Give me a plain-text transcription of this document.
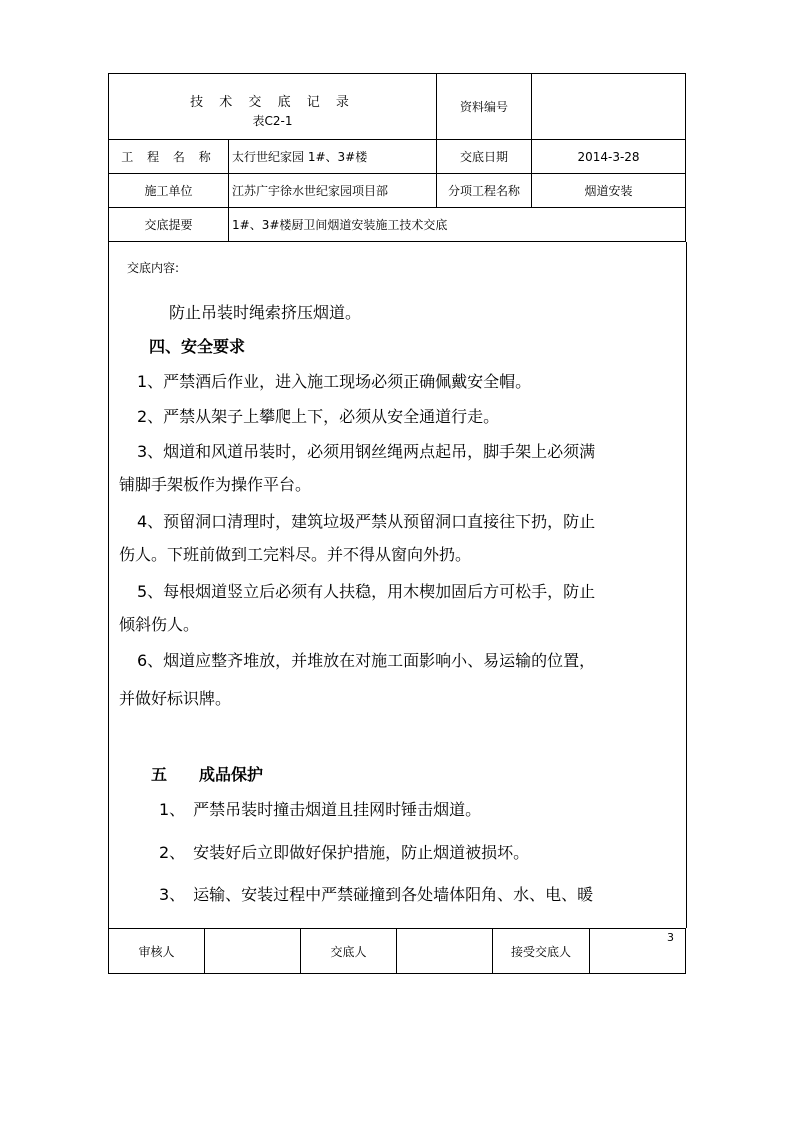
技 术 交 底 记 录
表C2-1		资料编号	
工 程 名 称	太行世纪家园 1#、3#楼	交底日期	2014-3-28
施工单位	江苏广宇徐水世纪家园项目部	分项工程名称	烟道安装
交底提要	1#、3#楼厨卫间烟道安装施工技术交底		
交底内容:
防止吊装时绳索挤压烟道。
四、安全要求
1、严禁酒后作业，进入施工现场必须正确佩戴安全帽。
2、严禁从架子上攀爬上下，必须从安全通道行走。
3、烟道和风道吊装时，必须用钢丝绳两点起吊，脚手架上必须满
铺脚手架板作为操作平台。
4、预留洞口清理时，建筑垃圾严禁从预留洞口直接往下扔，防止
伤人。下班前做到工完料尽。并不得从窗向外扔。
5、每根烟道竖立后必须有人扶稳，用木楔加固后方可松手，防止
倾斜伤人。
6、烟道应整齐堆放，并堆放在对施工面影响小、易运输的位置，
并做好标识牌。
五　　成品保护
1、　严禁吊装时撞击烟道且挂网时锤击烟道。
2、　安装好后立即做好保护措施，防止烟道被损坏。
3、　运输、安装过程中严禁碰撞到各处墙体阳角、水、电、暖
审核人		交底人		接受交底人	
3
